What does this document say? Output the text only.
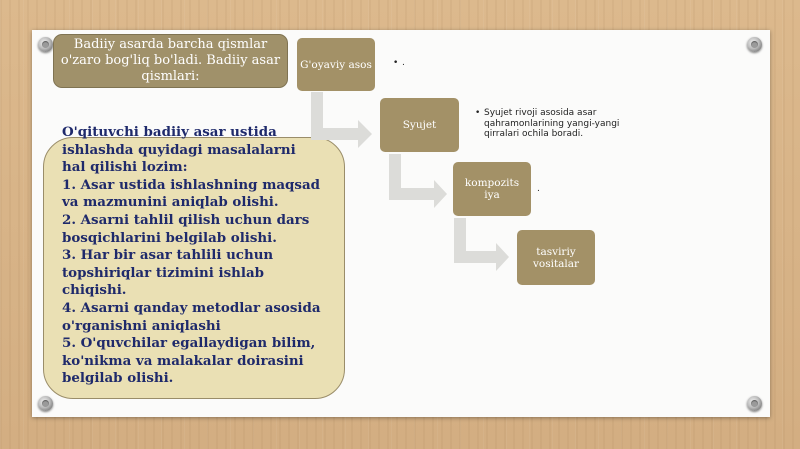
Badiiy asarda barcha qismlar o'zaro bog'liq bo'ladi. Badiiy asar qismlari:
O'qituvchi badiiy asar ustida
ishlashda quyidagi masalalarni
hal qilishi lozim:
1. Asar ustida ishlashning maqsad
va mazmunini aniqlab olishi.
2. Asarni tahlil qilish uchun dars
bosqichlarini belgilab olishi.
3. Har bir asar tahlili uchun
topshiriqlar tizimini ishlab
chiqishi.
4. Asarni qanday metodlar asosida
o'rganishni aniqlashi
5. O'quvchilar egallaydigan bilim,
ko'nikma va malakalar doirasini
belgilab olishi.
G'oyaviy asos
Syujet
kompozitsiya
tasviriy vositalar
• .
• Syujet rivoji asosida asar qahramonlarining yangi-yangi qirralari ochila boradi.
.
